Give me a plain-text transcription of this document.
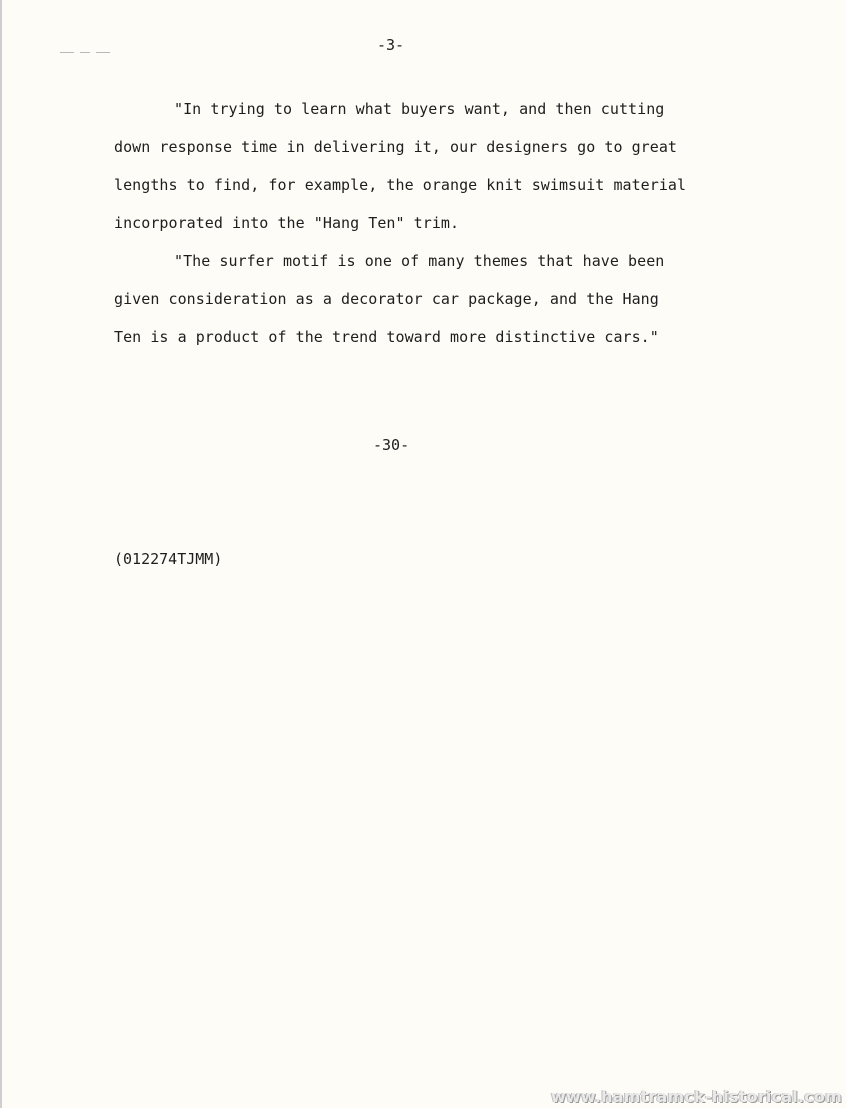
-3-
"In trying to learn what buyers want, and then cutting
down response time in delivering it, our designers go to great
lengths to find, for example, the orange knit swimsuit material
incorporated into the "Hang Ten" trim.
"The surfer motif is one of many themes that have been
given consideration as a decorator car package, and the Hang
Ten is a product of the trend toward more distinctive cars."
-30-
(012274TJMM)
www.hamtramck-historical.com
